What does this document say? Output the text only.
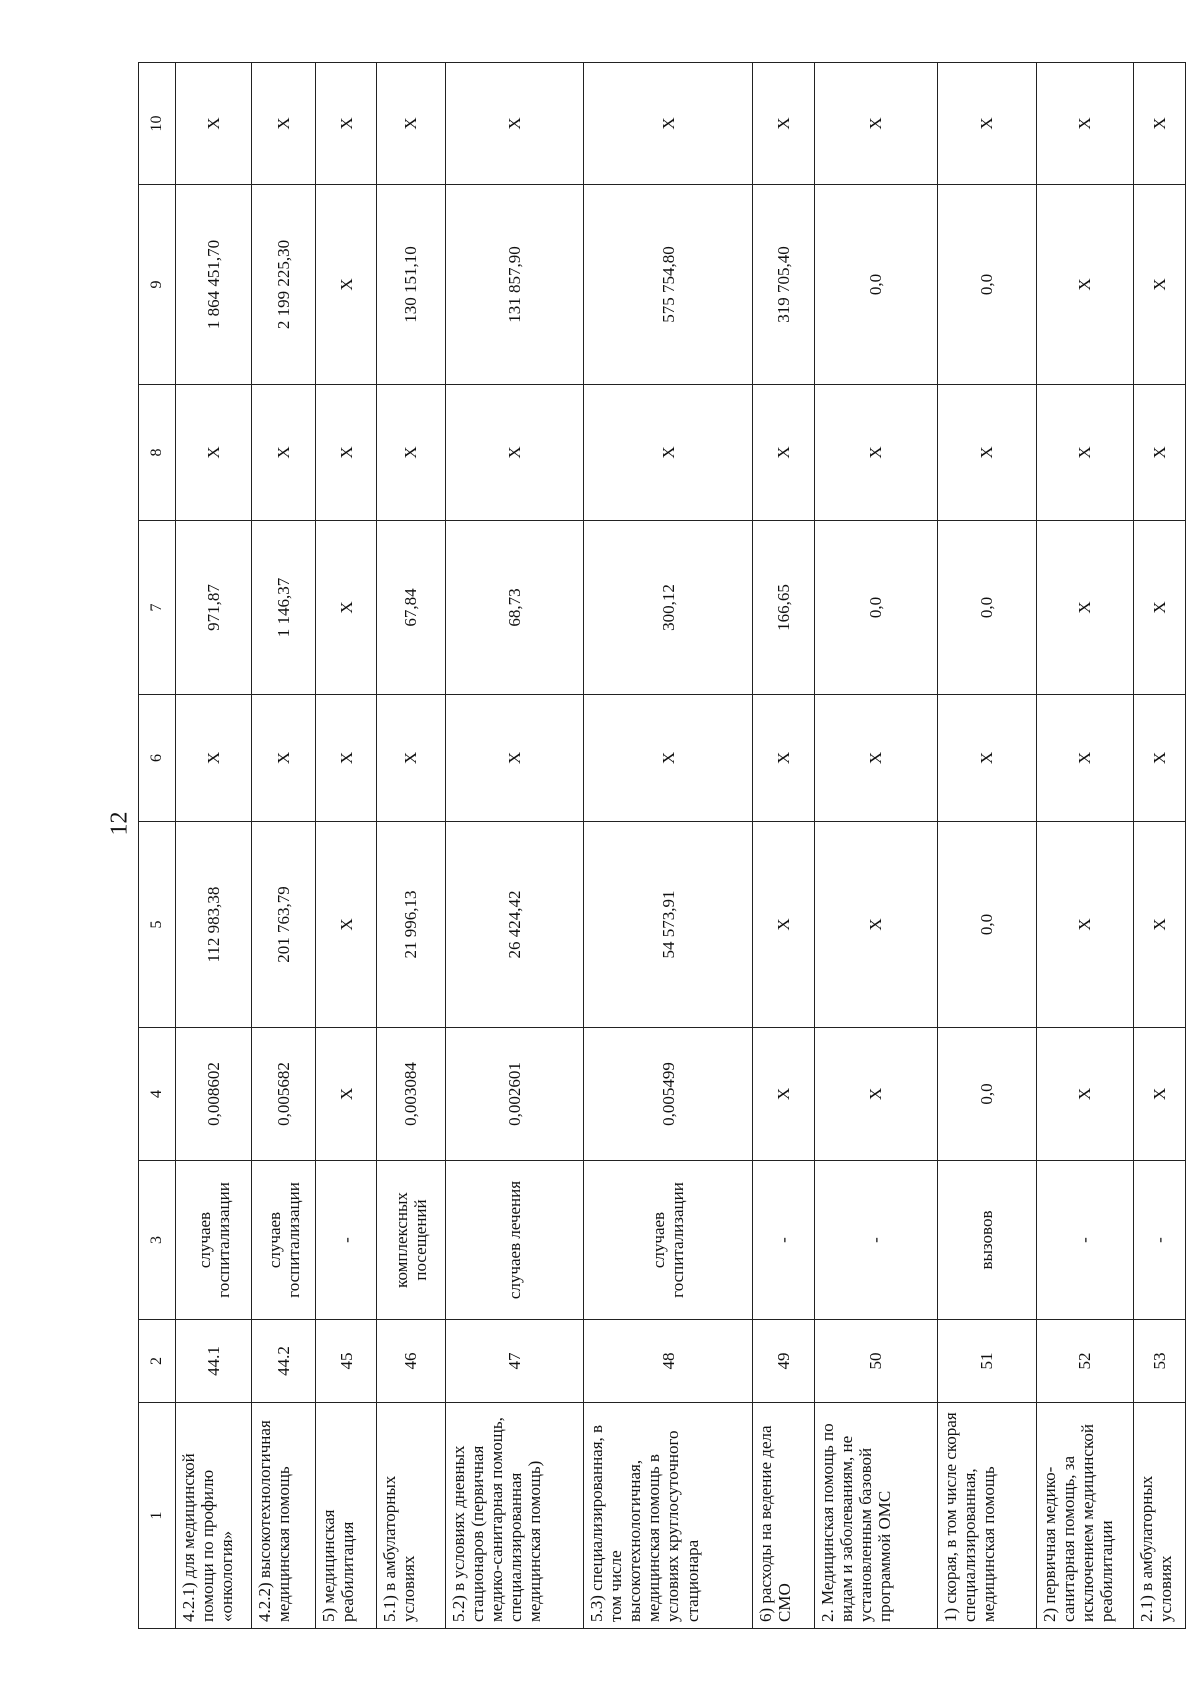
12
1	2	3	4	5	6	7	8	9	10
4.2.1) для медицинской помощи по профилю «онкология»	44.1	случаев госпитализации	0,008602	112 983,38	X	971,87	X	1 864 451,70	X
4.2.2) высокотехнологичная медицинская помощь	44.2	случаев госпитализации	0,005682	201 763,79	X	1 146,37	X	2 199 225,30	X
5) медицинская реабилитация	45	-	X	X	X	X	X	X	X
5.1) в амбулаторных условиях	46	комплексных посещений	0,003084	21 996,13	X	67,84	X	130 151,10	X
5.2) в условиях дневных стационаров (первичная медико-санитарная помощь, специализированная медицинская помощь)	47	случаев лечения	0,002601	26 424,42	X	68,73	X	131 857,90	X
5.3) специализированная, в том числе высокотехнологичная, медицинская помощь в условиях круглосуточного стационара	48	случаев госпитализации	0,005499	54 573,91	X	300,12	X	575 754,80	X
6) расходы на ведение дела СМО	49	-	X	X	X	166,65	X	319 705,40	X
2. Медицинская помощь по видам и заболеваниям, не установленным базовой программой ОМС	50	-	X	X	X	0,0	X	0,0	X
1) скорая, в том числе скорая специализированная, медицинская помощь	51	вызовов	0,0	0,0	X	0,0	X	0,0	X
2) первичная медико-санитарная помощь, за исключением медицинской реабилитации	52	-	X	X	X	X	X	X	X
2.1) в амбулаторных условиях	53	-	X	X	X	X	X	X	X
